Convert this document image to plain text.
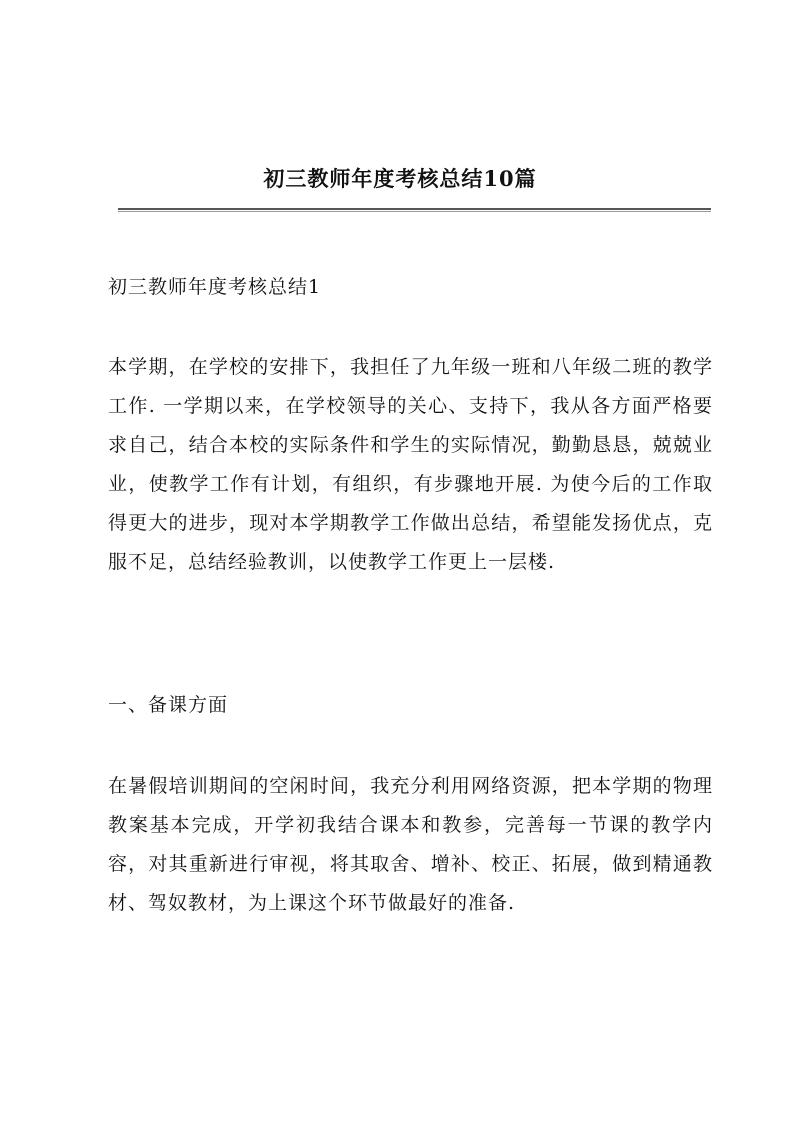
初三教师年度考核总结10篇

初三教师年度考核总结1

本学期，在学校的安排下，我担任了九年级一班和八年级二班的教学工作. 一学期以来，在学校领导的关心、支持下，我从各方面严格要求自己，结合本校的实际条件和学生的实际情况，勤勤恳恳，兢兢业业，使教学工作有计划，有组织，有步骤地开展. 为使今后的工作取得更大的进步，现对本学期教学工作做出总结，希望能发扬优点，克服不足，总结经验教训，以使教学工作更上一层楼.

一、备课方面

在暑假培训期间的空闲时间，我充分利用网络资源，把本学期的物理教案基本完成，开学初我结合课本和教参，完善每一节课的教学内容，对其重新进行审视，将其取舍、增补、校正、拓展，做到精通教材、驾奴教材，为上课这个环节做最好的准备.
